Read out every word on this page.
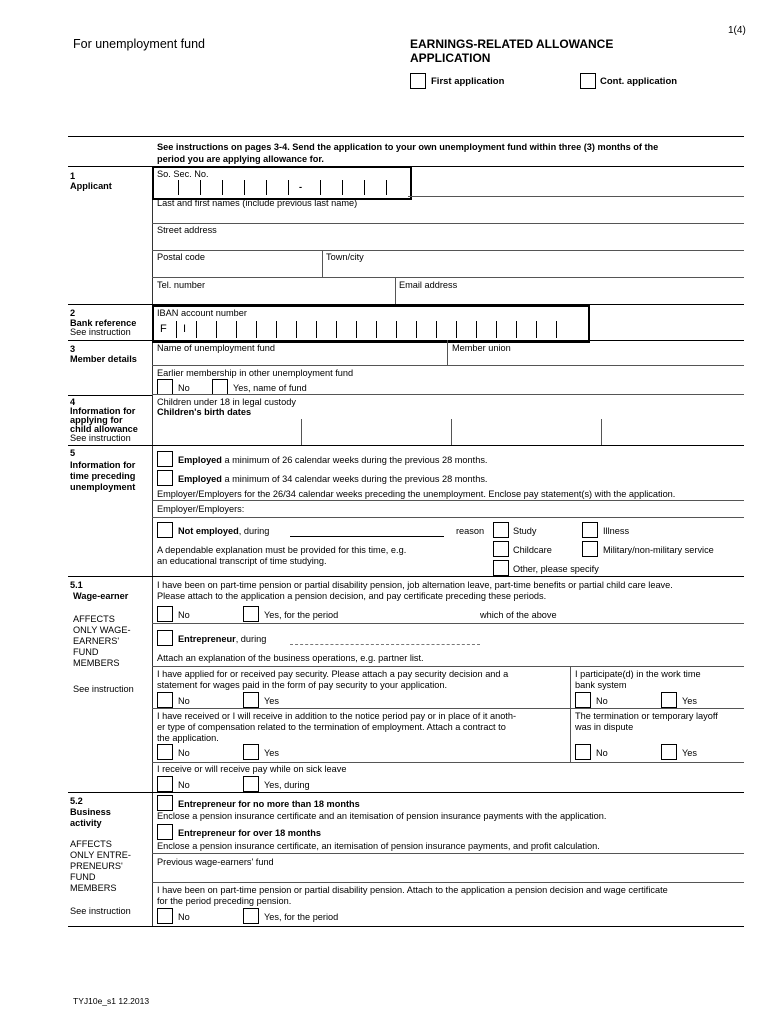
1(4)
For unemployment fund	EARNINGS-RELATED ALLOWANCE
APPLICATION
First application	Cont. application
See instructions on pages 3-4. Send the application to your own unemployment fund within three (3) months of the
period you are applying allowance for.
1
Applicant
So. Sec. No.
-
Last and first names (include previous last name)
Street address
Postal code	Town/city
Tel. number	Email address
2
Bank reference
See instruction
IBAN account number
F I
3
Member details
Name of unemployment fund	Member union
Earlier membership in other unemployment fund
No	Yes, name of fund
4
Information for
applying for
child allowance
See instruction
Children under 18 in legal custody
Children's birth dates
5
Information for
time preceding
unemployment
Employed a minimum of 26 calendar weeks during the previous 28 months.
Employed a minimum of 34 calendar weeks during the previous 28 months.
Employer/Employers for the 26/34 calendar weeks preceding the unemployment. Enclose pay statement(s) with the application.
Employer/Employers:
Not employed, during	reason	Study	Illness
A dependable explanation must be provided for this time, e.g.
an educational transcript of time studying.
Childcare	Military/non-military service
Other, please specify
5.1
Wage-earner
AFFECTS
ONLY WAGE-
EARNERS'
FUND
MEMBERS
See instruction
I have been on part-time pension or partial disability pension, job alternation leave, part-time benefits or partial child care leave.
Please attach to the application a pension decision, and pay certificate preceding these periods.
No	Yes, for the period	which of the above
Entrepreneur, during
Attach an explanation of the business operations, e.g. partner list.
I have applied for or received pay security. Please attach a pay security decision and a
statement for wages paid in the form of pay security to your application.
I participate(d) in the work time
bank system
No	Yes	No	Yes
I have received or I will receive in addition to the notice period pay or in place of it anoth-
er type of compensation related to the termination of employment. Attach a contract to
the application.
The termination or temporary layoff
was in dispute
No	Yes	No	Yes
I receive or will receive pay while on sick leave
No	Yes, during
5.2
Business
activity
AFFECTS
ONLY ENTRE-
PRENEURS'
FUND
MEMBERS
See instruction
Entrepreneur for no more than 18 months
Enclose a pension insurance certificate and an itemisation of pension insurance payments with the application.
Entrepreneur for over 18 months
Enclose a pension insurance certificate, an itemisation of pension insurance payments, and profit calculation.
Previous wage-earners' fund
I have been on part-time pension or partial disability pension. Attach to the application a pension decision and wage certificate
for the period preceding pension.
No	Yes, for the period
TYJ10e_s1 12.2013
